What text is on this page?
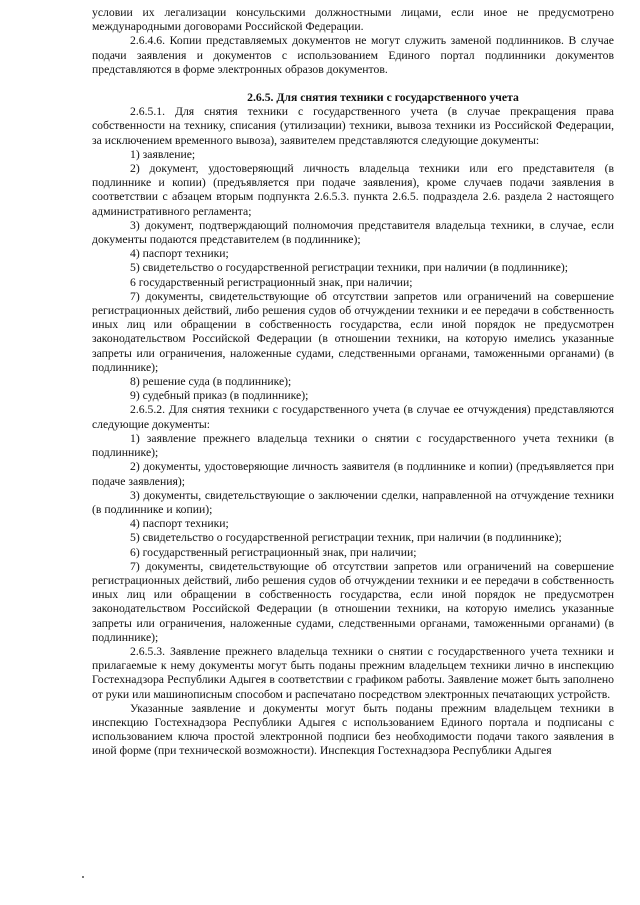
условии их легализации консульскими должностными лицами, если иное не предусмотрено международными договорами Российской Федерации.

2.6.4.6. Копии представляемых документов не могут служить заменой подлинников. В случае подачи заявления и документов с использованием Единого портал подлинники документов представляются в форме электронных образов документов.

2.6.5. Для снятия техники с государственного учета

2.6.5.1. Для снятия техники с государственного учета (в случае прекращения права собственности на технику, списания (утилизации) техники, вывоза техники из Российской Федерации, за исключением временного вывоза), заявителем представляются следующие документы:

1) заявление;

2) документ, удостоверяющий личность владельца техники или его представителя (в подлиннике и копии) (предъявляется при подаче заявления), кроме случаев подачи заявления в соответствии с абзацем вторым подпункта 2.6.5.3. пункта 2.6.5. подраздела 2.6. раздела 2 настоящего административного регламента;

3) документ, подтверждающий полномочия представителя владельца техники, в случае, если документы подаются представителем (в подлиннике);

4) паспорт техники;

5) свидетельство о государственной регистрации техники, при наличии (в подлиннике);

6 государственный регистрационный знак, при наличии;

7) документы, свидетельствующие об отсутствии запретов или ограничений на совершение регистрационных действий, либо решения судов об отчуждении техники и ее передачи в собственность иных лиц или обращении в собственность государства, если иной порядок не предусмотрен законодательством Российской Федерации (в отношении техники, на которую имелись указанные запреты или ограничения, наложенные судами, следственными органами, таможенными органами) (в подлиннике);

8) решение суда (в подлиннике);

9) судебный приказ (в подлиннике);

2.6.5.2. Для снятия техники с государственного учета (в случае ее отчуждения) представляются следующие документы:

1) заявление прежнего владельца техники о снятии с государственного учета техники (в подлиннике);

2) документы, удостоверяющие личность заявителя (в подлиннике и копии) (предъявляется при подаче заявления);

3) документы, свидетельствующие о заключении сделки, направленной на отчуждение техники (в подлиннике и копии);

4) паспорт техники;

5) свидетельство о государственной регистрации техник, при наличии (в подлиннике);

6) государственный регистрационный знак, при наличии;

7) документы, свидетельствующие об отсутствии запретов или ограничений на совершение регистрационных действий, либо решения судов об отчуждении техники и ее передачи в собственность иных лиц или обращении в собственность государства, если иной порядок не предусмотрен законодательством Российской Федерации (в отношении техники, на которую имелись указанные запреты или ограничения, наложенные судами, следственными органами, таможенными органами) (в подлиннике);

2.6.5.3. Заявление прежнего владельца техники о снятии с государственного учета техники и прилагаемые к нему документы могут быть поданы прежним владельцем техники лично в инспекцию Гостехнадзора Республики Адыгея в соответствии с графиком работы. Заявление может быть заполнено от руки или машинописным способом и распечатано посредством электронных печатающих устройств.

Указанные заявление и документы могут быть поданы прежним владельцем техники в инспекцию Гостехнадзора Республики Адыгея с использованием Единого портала и подписаны с использованием ключа простой электронной подписи без необходимости подачи такого заявления в иной форме (при технической возможности). Инспекция Гостехнадзора Республики Адыгея
